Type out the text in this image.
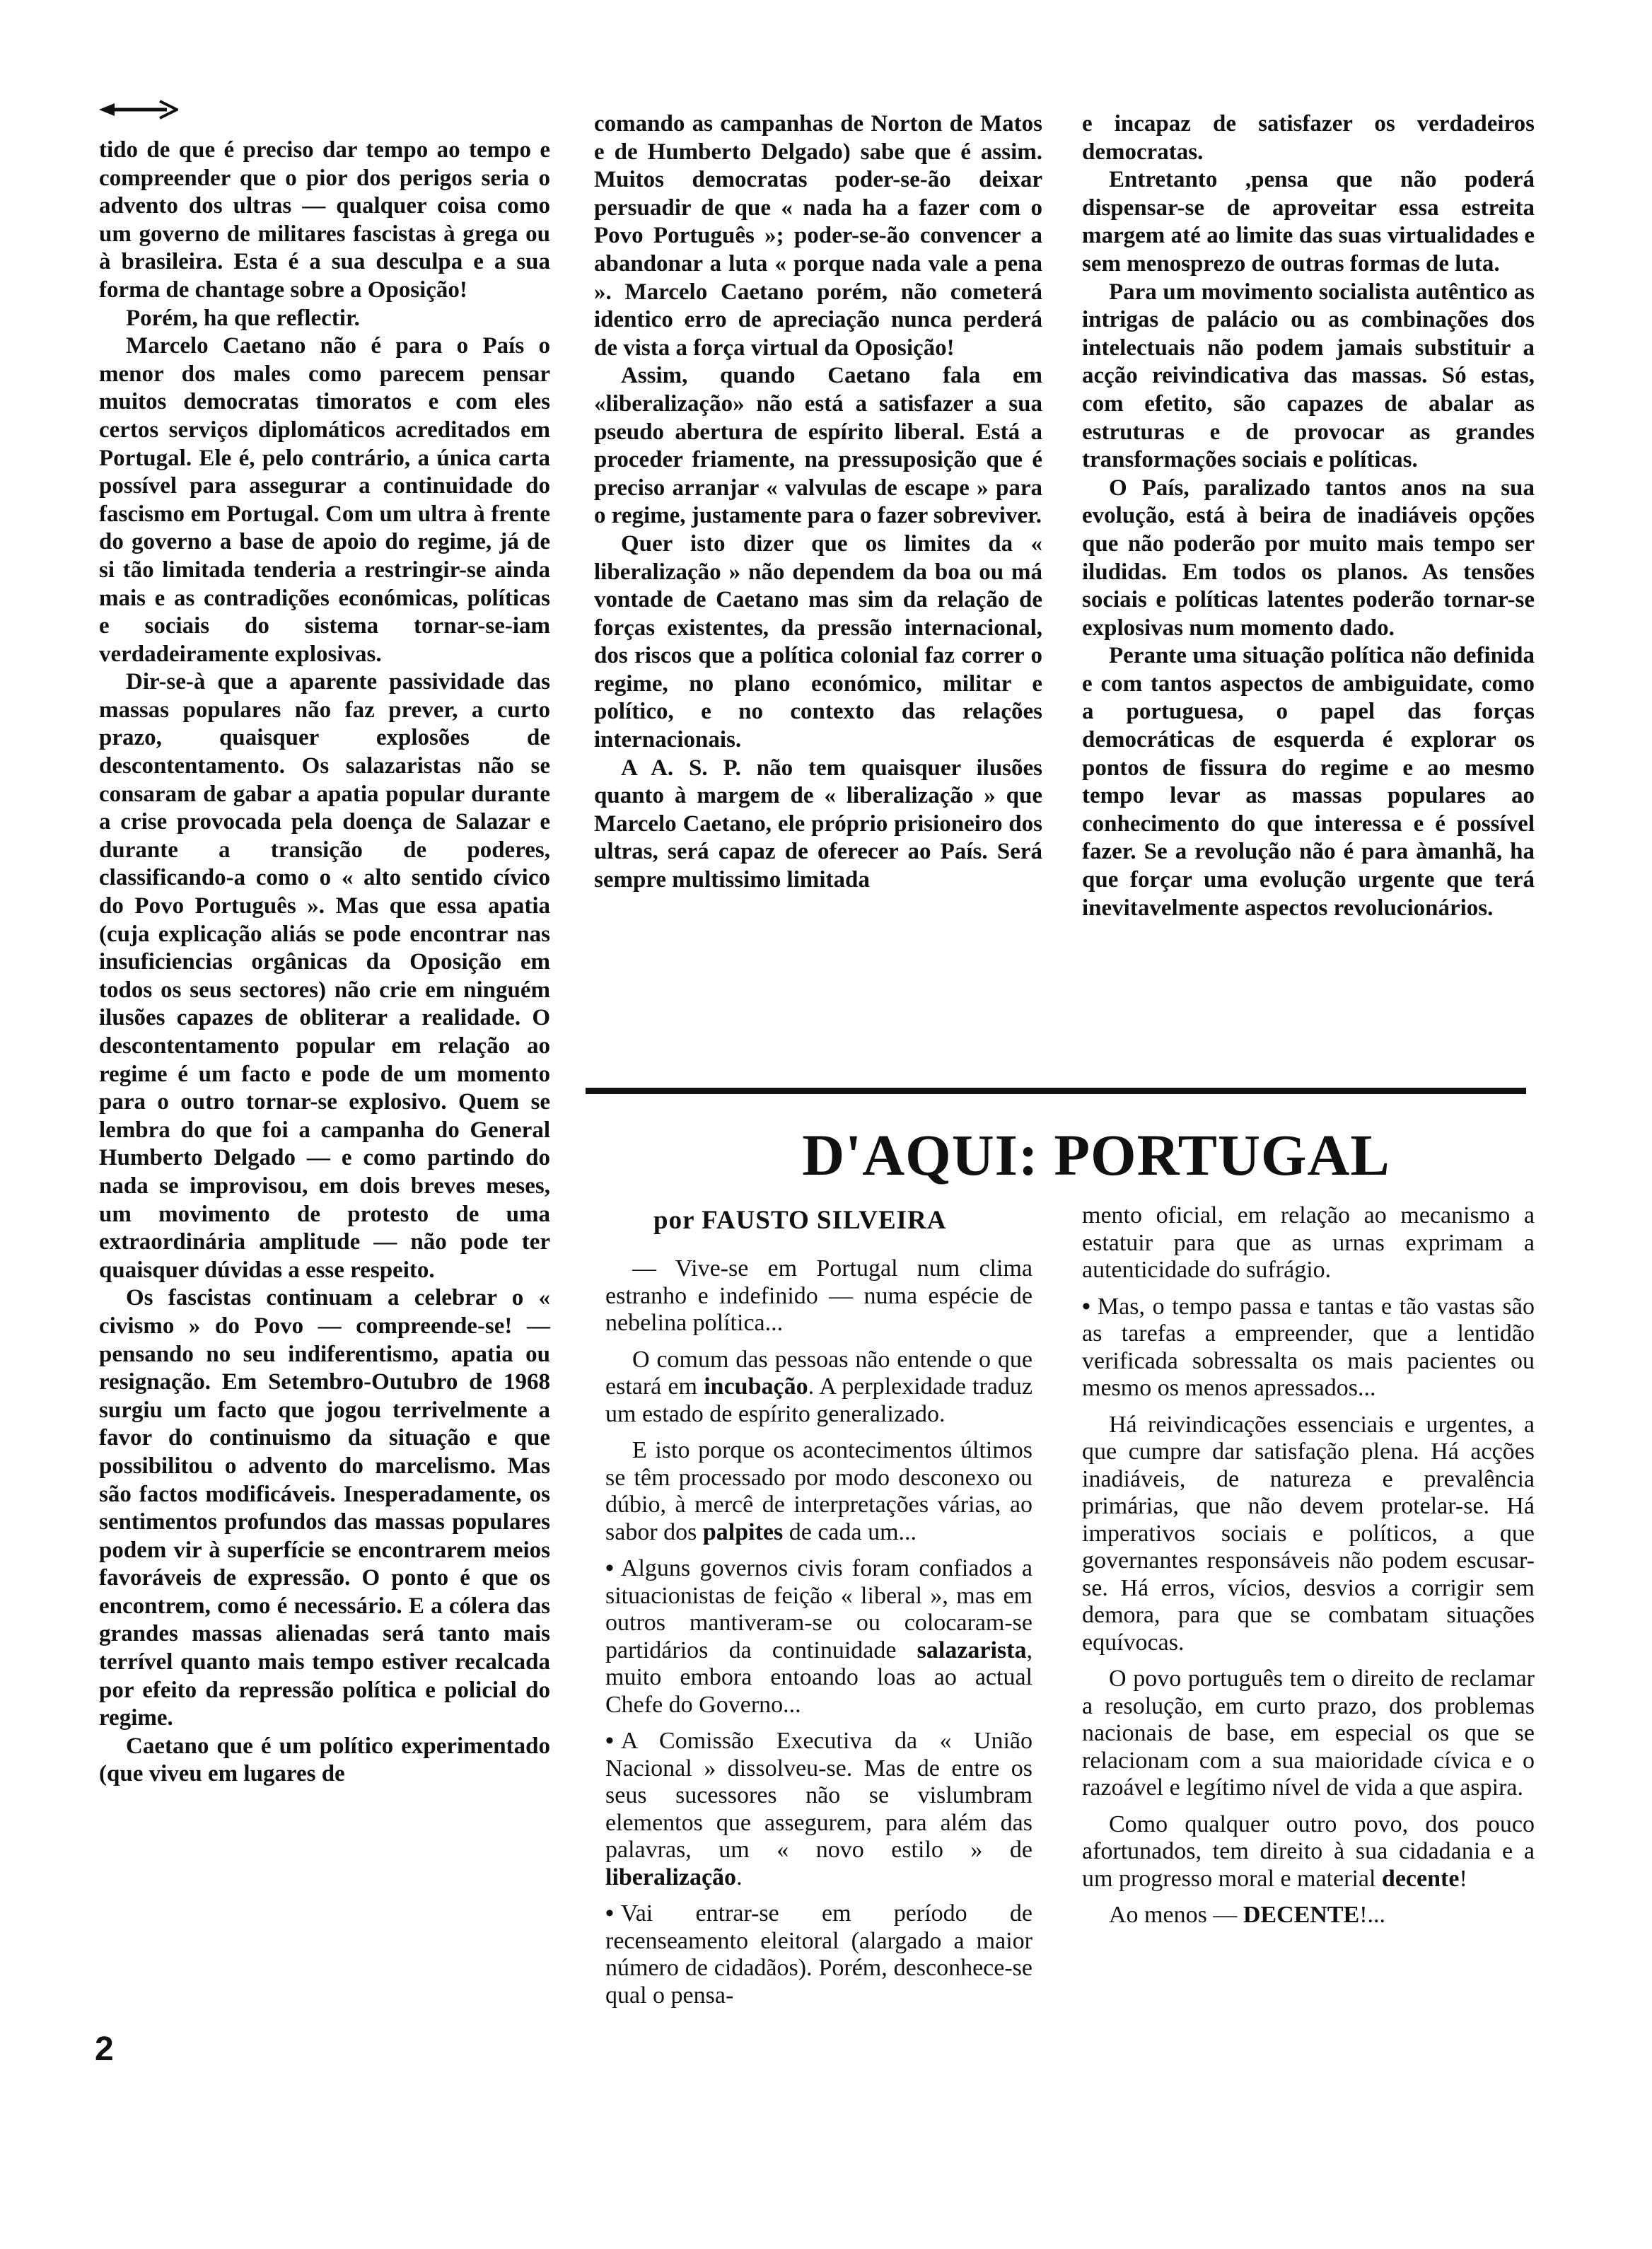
tido de que é preciso dar tempo ao tempo e compreender que o pior dos perigos seria o advento dos ultras — qualquer coisa como um governo de militares fascistas à grega ou à brasileira. Esta é a sua desculpa e a sua forma de chantage sobre a Oposição!

Porém, ha que reflectir.

Marcelo Caetano não é para o País o menor dos males como parecem pensar muitos democratas timoratos e com eles certos serviços diplomáticos acreditados em Portugal. Ele é, pelo contrário, a única carta possível para assegurar a continuidade do fascismo em Portugal. Com um ultra à frente do governo a base de apoio do regime, já de si tão limitada tenderia a restringir-se ainda mais e as contradições económicas, políticas e sociais do sistema tornar-se-iam verdadeiramente explosivas.

Dir-se-à que a aparente passividade das massas populares não faz prever, a curto prazo, quaisquer explosões de descontentamento. Os salazaristas não se consaram de gabar a apatia popular durante a crise provocada pela doença de Salazar e durante a transição de poderes, classificando-a como o « alto sentido cívico do Povo Português ». Mas que essa apatia (cuja explicação aliás se pode encontrar nas insuficiencias orgânicas da Oposição em todos os seus sectores) não crie em ninguém ilusões capazes de obliterar a realidade. O descontentamento popular em relação ao regime é um facto e pode de um momento para o outro tornar-se explosivo. Quem se lembra do que foi a campanha do General Humberto Delgado — e como partindo do nada se improvisou, em dois breves meses, um movimento de protesto de uma extraordinária amplitude — não pode ter quaisquer dúvidas a esse respeito.

Os fascistas continuam a celebrar o « civismo » do Povo — compreende-se! — pensando no seu indiferentismo, apatia ou resignação. Em Setembro-Outubro de 1968 surgiu um facto que jogou terrivelmente a favor do continuismo da situação e que possibilitou o advento do marcelismo. Mas são factos modificáveis. Inesperadamente, os sentimentos profundos das massas populares podem vir à superfície se encontrarem meios favoráveis de expressão. O ponto é que os encontrem, como é necessário. E a cólera das grandes massas alienadas será tanto mais terrível quanto mais tempo estiver recalcada por efeito da repressão política e policial do regime.

Caetano que é um político experimentado (que viveu em lugares de

comando as campanhas de Norton de Matos e de Humberto Delgado) sabe que é assim. Muitos democratas poder-se-ão deixar persuadir de que « nada ha a fazer com o Povo Português »; poder-se-ão convencer a abandonar a luta « porque nada vale a pena ». Marcelo Caetano porém, não cometerá identico erro de apreciação nunca perderá de vista a força virtual da Oposição!

Assim, quando Caetano fala em «liberalização» não está a satisfazer a sua pseudo abertura de espírito liberal. Está a proceder friamente, na pressuposição que é preciso arranjar « valvulas de escape » para o regime, justamente para o fazer sobreviver.

Quer isto dizer que os limites da « liberalização » não dependem da boa ou má vontade de Caetano mas sim da relação de forças existentes, da pressão internacional, dos riscos que a política colonial faz correr o regime, no plano económico, militar e político, e no contexto das relações internacionais.

A A. S. P. não tem quaisquer ilusões quanto à margem de « liberalização » que Marcelo Caetano, ele próprio prisioneiro dos ultras, será capaz de oferecer ao País. Será sempre multissimo limitada

e incapaz de satisfazer os verdadeiros democratas.

Entretanto ,pensa que não poderá dispensar-se de aproveitar essa estreita margem até ao limite das suas virtualidades e sem menosprezo de outras formas de luta.

Para um movimento socialista autêntico as intrigas de palácio ou as combinações dos intelectuais não podem jamais substituir a acção reivindicativa das massas. Só estas, com efetito, são capazes de abalar as estruturas e de provocar as grandes transformações sociais e políticas.

O País, paralizado tantos anos na sua evolução, está à beira de inadiáveis opções que não poderão por muito mais tempo ser iludidas. Em todos os planos. As tensões sociais e políticas latentes poderão tornar-se explosivas num momento dado.

Perante uma situação política não definida e com tantos aspectos de ambiguidate, como a portuguesa, o papel das forças democráticas de esquerda é explorar os pontos de fissura do regime e ao mesmo tempo levar as massas populares ao conhecimento do que interessa e é possível fazer. Se a revolução não é para àmanhã, ha que forçar uma evolução urgente que terá inevitavelmente aspectos revolucionários.

D'AQUI: PORTUGAL
por FAUSTO SILVEIRA

— Vive-se em Portugal num clima estranho e indefinido — numa espécie de nebelina política...

O comum das pessoas não entende o que estará em incubação. A perplexidade traduz um estado de espírito generalizado.

E isto porque os acontecimentos últimos se têm processado por modo desconexo ou dúbio, à mercê de interpretações várias, ao sabor dos palpites de cada um...

• Alguns governos civis foram confiados a situacionistas de feição « liberal », mas em outros mantiveram-se ou colocaram-se partidários da continuidade salazarista, muito embora entoando loas ao actual Chefe do Governo...

• A Comissão Executiva da « União Nacional » dissolveu-se. Mas de entre os seus sucessores não se vislumbram elementos que assegurem, para além das palavras, um « novo estilo » de liberalização.

• Vai entrar-se em período de recenseamento eleitoral (alargado a maior número de cidadãos). Porém, desconhece-se qual o pensa-

mento oficial, em relação ao mecanismo a estatuir para que as urnas exprimam a autenticidade do sufrágio.

• Mas, o tempo passa e tantas e tão vastas são as tarefas a empreender, que a lentidão verificada sobressalta os mais pacientes ou mesmo os menos apressados...

Há reivindicações essenciais e urgentes, a que cumpre dar satisfação plena. Há acções inadiáveis, de natureza e prevalência primárias, que não devem protelar-se. Há imperativos sociais e políticos, a que governantes responsáveis não podem escusar-se. Há erros, vícios, desvios a corrigir sem demora, para que se combatam situações equívocas.

O povo português tem o direito de reclamar a resolução, em curto prazo, dos problemas nacionais de base, em especial os que se relacionam com a sua maioridade cívica e o razoável e legítimo nível de vida a que aspira.

Como qualquer outro povo, dos pouco afortunados, tem direito à sua cidadania e a um progresso moral e material decente!

Ao menos — DECENTE!...

2
